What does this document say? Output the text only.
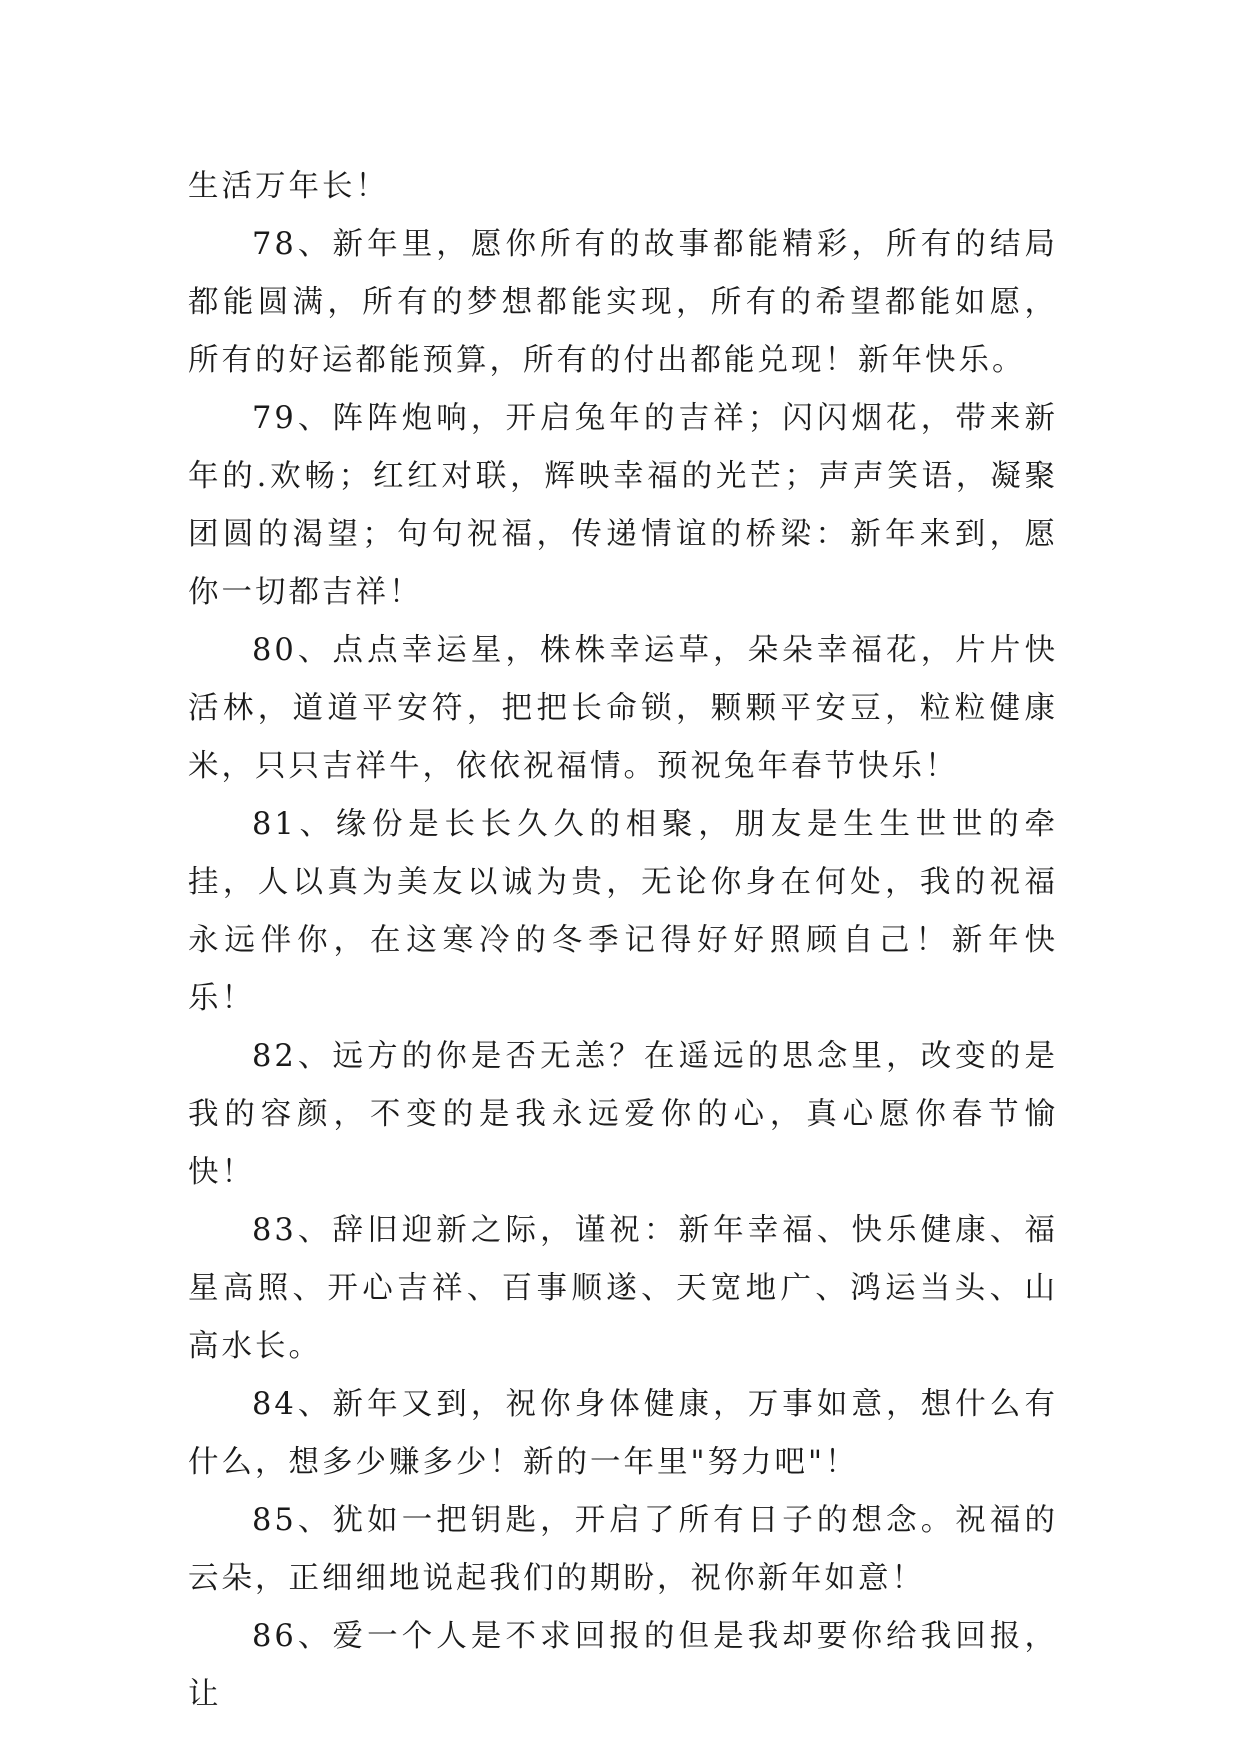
生活万年长！

78、新年里，愿你所有的故事都能精彩，所有的结局都能圆满，所有的梦想都能实现，所有的希望都能如愿，所有的好运都能预算，所有的付出都能兑现！新年快乐。

79、阵阵炮响，开启兔年的吉祥；闪闪烟花，带来新年的.欢畅；红红对联，辉映幸福的光芒；声声笑语，凝聚团圆的渴望；句句祝福，传递情谊的桥梁：新年来到，愿你一切都吉祥！

80、点点幸运星，株株幸运草，朵朵幸福花，片片快活林，道道平安符，把把长命锁，颗颗平安豆，粒粒健康米，只只吉祥牛，依依祝福情。预祝兔年春节快乐！

81、缘份是长长久久的相聚，朋友是生生世世的牵挂，人以真为美友以诚为贵，无论你身在何处，我的祝福永远伴你，在这寒冷的冬季记得好好照顾自己！新年快乐！

82、远方的你是否无恙？在遥远的思念里，改变的是我的容颜，不变的是我永远爱你的心，真心愿你春节愉快！

83、辞旧迎新之际，谨祝：新年幸福、快乐健康、福星高照、开心吉祥、百事顺遂、天宽地广、鸿运当头、山高水长。

84、新年又到，祝你身体健康，万事如意，想什么有什么，想多少赚多少！新的一年里"努力吧"！

85、犹如一把钥匙，开启了所有日子的想念。祝福的云朵，正细细地说起我们的期盼，祝你新年如意！

86、爱一个人是不求回报的但是我却要你给我回报，让
